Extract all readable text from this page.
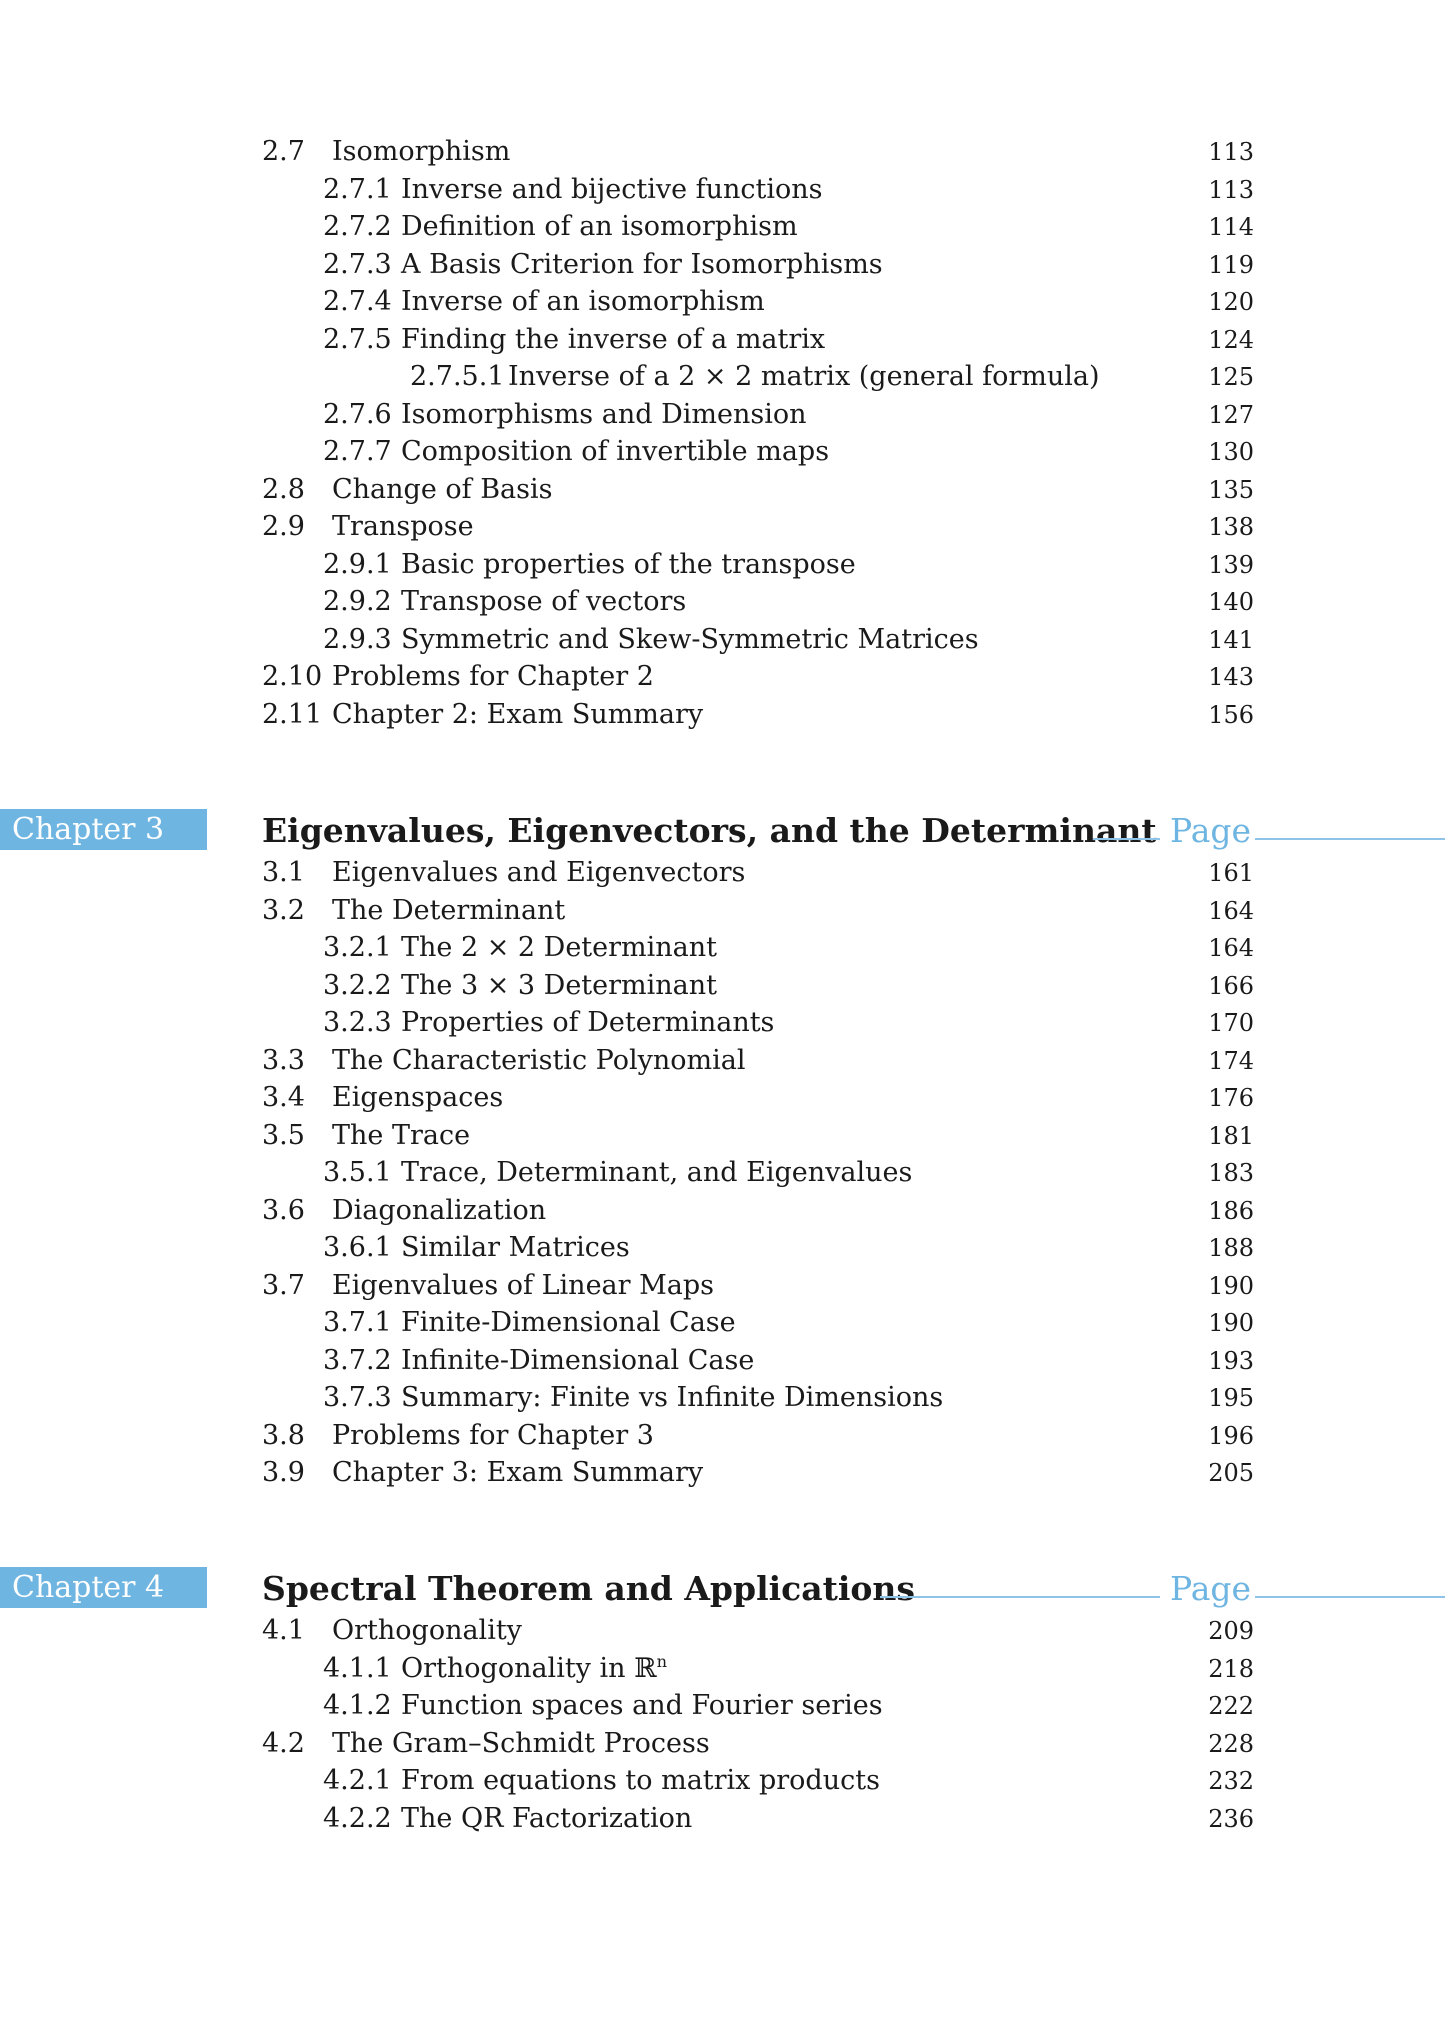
2.7 Isomorphism	113
2.7.1 Inverse and bijective functions	113
2.7.2 Definition of an isomorphism	114
2.7.3 A Basis Criterion for Isomorphisms	119
2.7.4 Inverse of an isomorphism	120
2.7.5 Finding the inverse of a matrix	124
2.7.5.1 Inverse of a 2 × 2 matrix (general formula)	125
2.7.6 Isomorphisms and Dimension	127
2.7.7 Composition of invertible maps	130
2.8 Change of Basis	135
2.9 Transpose	138
2.9.1 Basic properties of the transpose	139
2.9.2 Transpose of vectors	140
2.9.3 Symmetric and Skew-Symmetric Matrices	141
2.10 Problems for Chapter 2	143
2.11 Chapter 2: Exam Summary	156
Chapter 3	Eigenvalues, Eigenvectors, and the Determinant Page
3.1 Eigenvalues and Eigenvectors	161
3.2 The Determinant	164
3.2.1 The 2 × 2 Determinant	164
3.2.2 The 3 × 3 Determinant	166
3.2.3 Properties of Determinants	170
3.3 The Characteristic Polynomial	174
3.4 Eigenspaces	176
3.5 The Trace	181
3.5.1 Trace, Determinant, and Eigenvalues	183
3.6 Diagonalization	186
3.6.1 Similar Matrices	188
3.7 Eigenvalues of Linear Maps	190
3.7.1 Finite-Dimensional Case	190
3.7.2 Infinite-Dimensional Case	193
3.7.3 Summary: Finite vs Infinite Dimensions	195
3.8 Problems for Chapter 3	196
3.9 Chapter 3: Exam Summary	205
Chapter 4	Spectral Theorem and Applications	Page
4.1 Orthogonality	209
4.1.1 Orthogonality in ℝ$^n$	218
4.1.2 Function spaces and Fourier series	222
4.2 The Gram–Schmidt Process	228
4.2.1 From equations to matrix products	232
4.2.2 The QR Factorization	236
